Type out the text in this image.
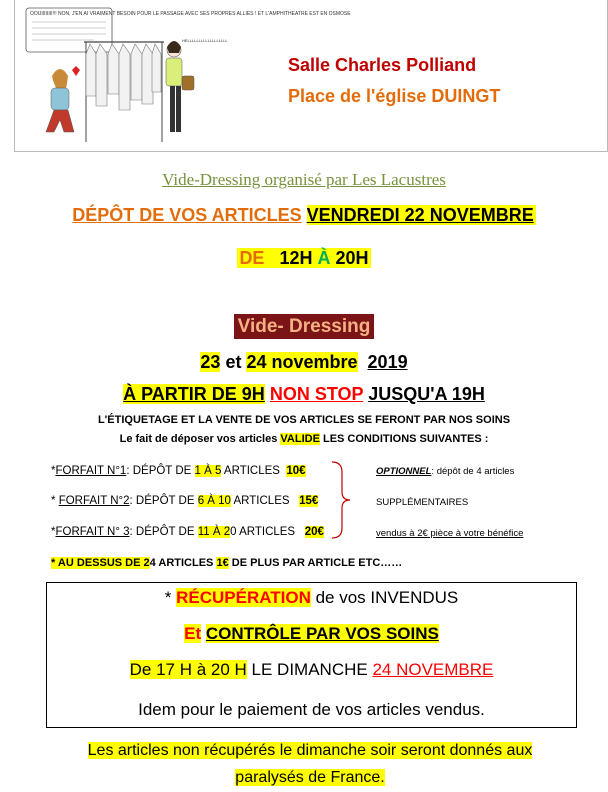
OOUIIIIIIII!!! NON, J'EN AI VRAIMENT BESOIN POUR LE PASSAGE AVEC SES PROPRES ALLIES ! ET L'AMPHITHEATRE EST EN OSMOSE
HELLLLLLLLLLLLLLLLLL
Salle Charles Polliand
Place de l'église DUINGT
Vide-Dressing organisé par Les Lacustres
DÉPÔT DE VOS ARTICLES VENDREDI 22 NOVEMBRE
DE 12H À 20H
Vide- Dressing
23 et 24 novembre 2019
À PARTIR DE 9H NON STOP JUSQU'A 19H
L'ÉTIQUETAGE ET LA VENTE DE VOS ARTICLES SE FERONT PAR NOS SOINS
Le fait de déposer vos articles VALIDE LES CONDITIONS SUIVANTES :
*FORFAIT N°1: DÉPÔT DE 1 À 5 ARTICLES 10€
* FORFAIT N°2: DÉPÔT DE 6 À 10 ARTICLES 15€
*FORFAIT N° 3: DÉPÔT DE 11 À 20 ARTICLES 20€
OPTIONNEL: dépôt de 4 articles
SUPPLÉMENTAIRES
vendus à 2€ pièce à votre bénéfice
* AU DESSUS DE 24 ARTICLES 1€ DE PLUS PAR ARTICLE ETC……
* RÉCUPÉRATION de vos INVENDUS
Et CONTRÔLE PAR VOS SOINS
De 17 H à 20 H LE DIMANCHE 24 NOVEMBRE
Idem pour le paiement de vos articles vendus.
Les articles non récupérés le dimanche soir seront donnés aux
paralysés de France.
